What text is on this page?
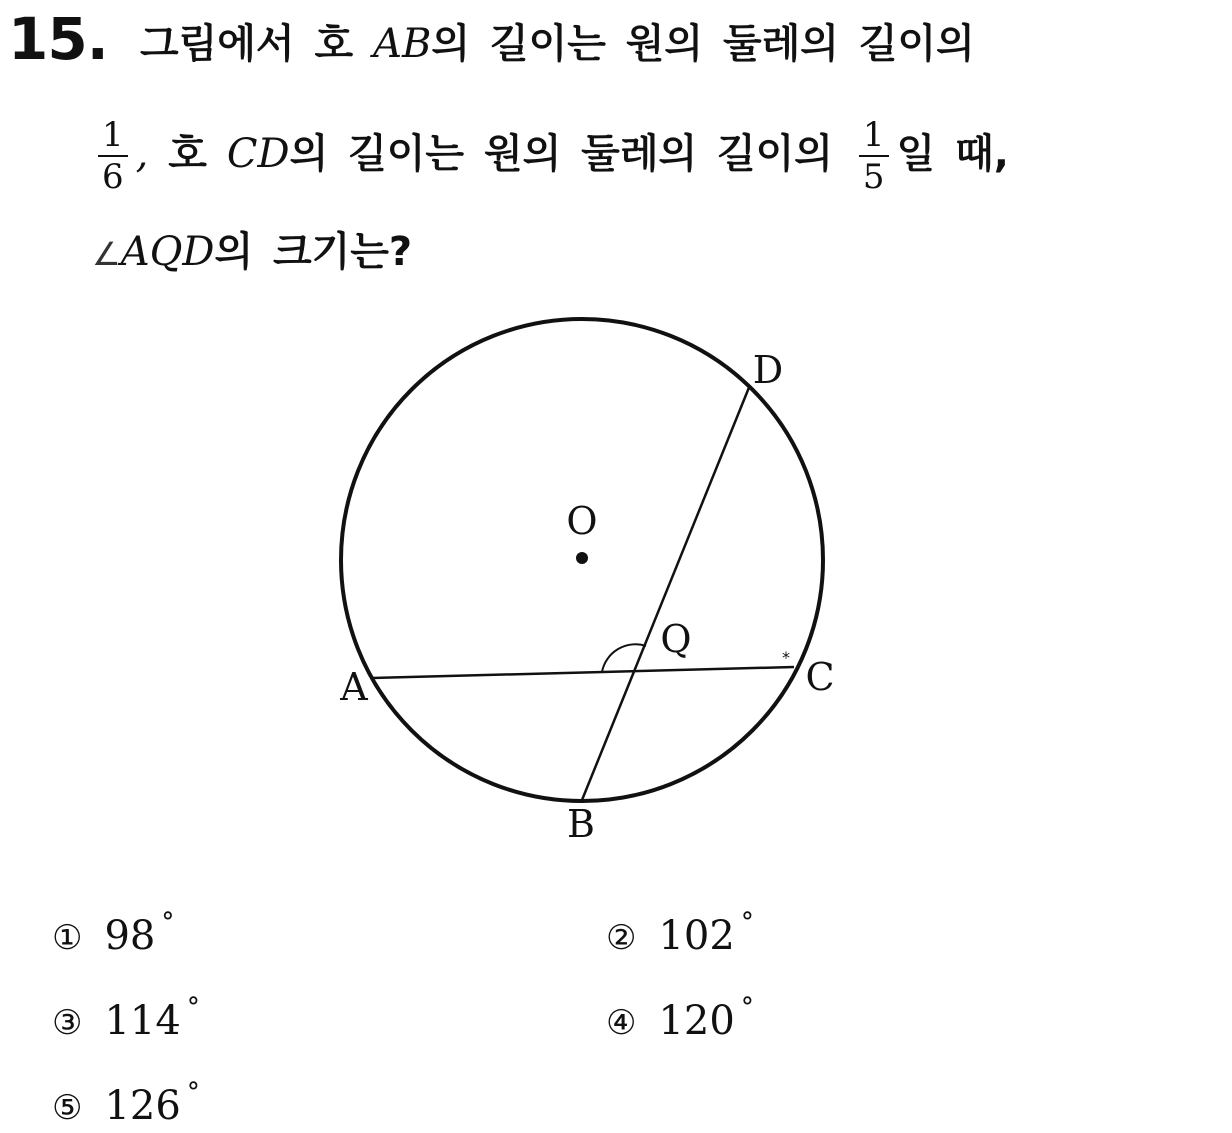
15. 그림에서 호 AB의 길이는 원의 둘레의 길이의
$\frac{1}{6}$ , 호 CD의 길이는 원의 둘레의 길이의 $\frac{1}{5}$ 일 때,
∠AQD의 크기는?
O
D
Q
A	C
B
*
① 98 °	② 102 °
③ 114 °	④ 120 °
⑤ 126 °
